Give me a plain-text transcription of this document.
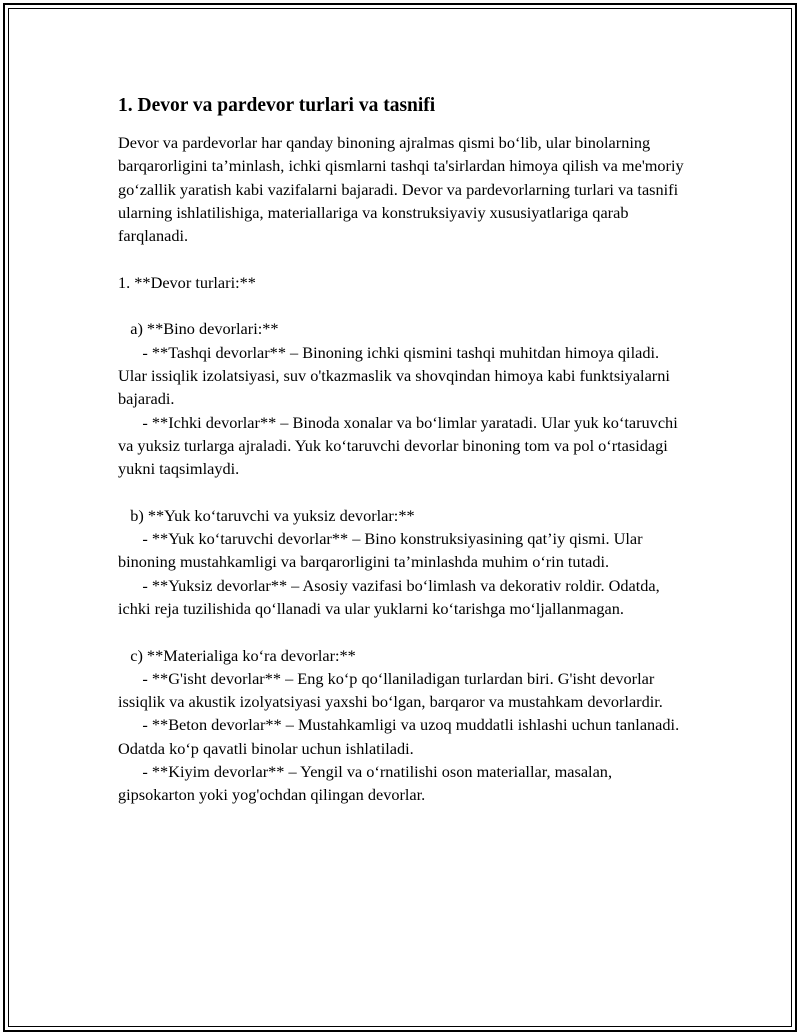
1. Devor va pardevor turlari va tasnifi

Devor va pardevorlar har qanday binoning ajralmas qismi bo‘lib, ular binolarning barqarorligini ta’minlash, ichki qismlarni tashqi ta'sirlardan himoya qilish va me'moriy go‘zallik yaratish kabi vazifalarni bajaradi. Devor va pardevorlarning turlari va tasnifi ularning ishlatilishiga, materiallariga va konstruksiyaviy xususiyatlariga qarab farqlanadi.

1. **Devor turlari:**

a) **Bino devorlari:**

- **Tashqi devorlar** – Binoning ichki qismini tashqi muhitdan himoya qiladi. Ular issiqlik izolatsiyasi, suv o'tkazmaslik va shovqindan himoya kabi funktsiyalarni bajaradi.

- **Ichki devorlar** – Binoda xonalar va bo‘limlar yaratadi. Ular yuk ko‘taruvchi va yuksiz turlarga ajraladi. Yuk ko‘taruvchi devorlar binoning tom va pol o‘rtasidagi yukni taqsimlaydi.

b) **Yuk ko‘taruvchi va yuksiz devorlar:**

- **Yuk ko‘taruvchi devorlar** – Bino konstruksiyasining qat’iy qismi. Ular binoning mustahkamligi va barqarorligini ta’minlashda muhim o‘rin tutadi.

- **Yuksiz devorlar** – Asosiy vazifasi bo‘limlash va dekorativ roldir. Odatda, ichki reja tuzilishida qo‘llanadi va ular yuklarni ko‘tarishga mo‘ljallanmagan.

c) **Materialiga ko‘ra devorlar:**

- **G'isht devorlar** – Eng ko‘p qo‘llaniladigan turlardan biri. G'isht devorlar issiqlik va akustik izolyatsiyasi yaxshi bo‘lgan, barqaror va mustahkam devorlardir.

- **Beton devorlar** – Mustahkamligi va uzoq muddatli ishlashi uchun tanlanadi. Odatda ko‘p qavatli binolar uchun ishlatiladi.

- **Kiyim devorlar** – Yengil va o‘rnatilishi oson materiallar, masalan, gipsokarton yoki yog'ochdan qilingan devorlar.
